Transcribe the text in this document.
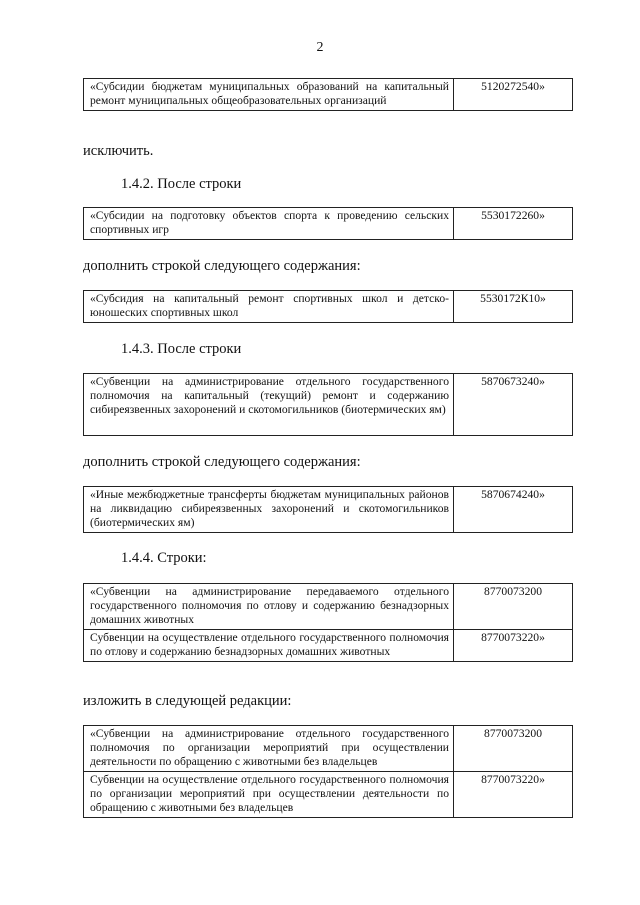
2
«Субсидии бюджетам муниципальных образований на капитальный ремонт муниципальных общеобразовательных организаций	5120272540»
исключить.
1.4.2. После строки
«Субсидии на подготовку объектов спорта к проведению сельских спортивных игр	5530172260»
дополнить строкой следующего содержания:
«Субсидия на капитальный ремонт спортивных школ и детско-юношеских спортивных школ	5530172К10»
1.4.3. После строки
«Субвенции на администрирование отдельного государственного полномочия на капитальный (текущий) ремонт и содержанию сибиреязвенных захоронений и скотомогильников (биотермических ям)	5870673240»
дополнить строкой следующего содержания:
«Иные межбюджетные трансферты бюджетам муниципальных районов на ликвидацию сибиреязвенных захоронений и скотомогильников (биотермических ям)	5870674240»
1.4.4. Строки:
«Субвенции на администрирование передаваемого отдельного государственного полномочия по отлову и содержанию безнадзорных домашних животных	8770073200
Субвенции на осуществление отдельного государственного полномочия по отлову и содержанию безнадзорных домашних животных	8770073220»
изложить в следующей редакции:
«Субвенции на администрирование отдельного государственного полномочия по организации мероприятий при осуществлении деятельности по обращению с животными без владельцев	8770073200
Субвенции на осуществление отдельного государственного полномочия по организации мероприятий при осуществлении деятельности по обращению с животными без владельцев	8770073220»
